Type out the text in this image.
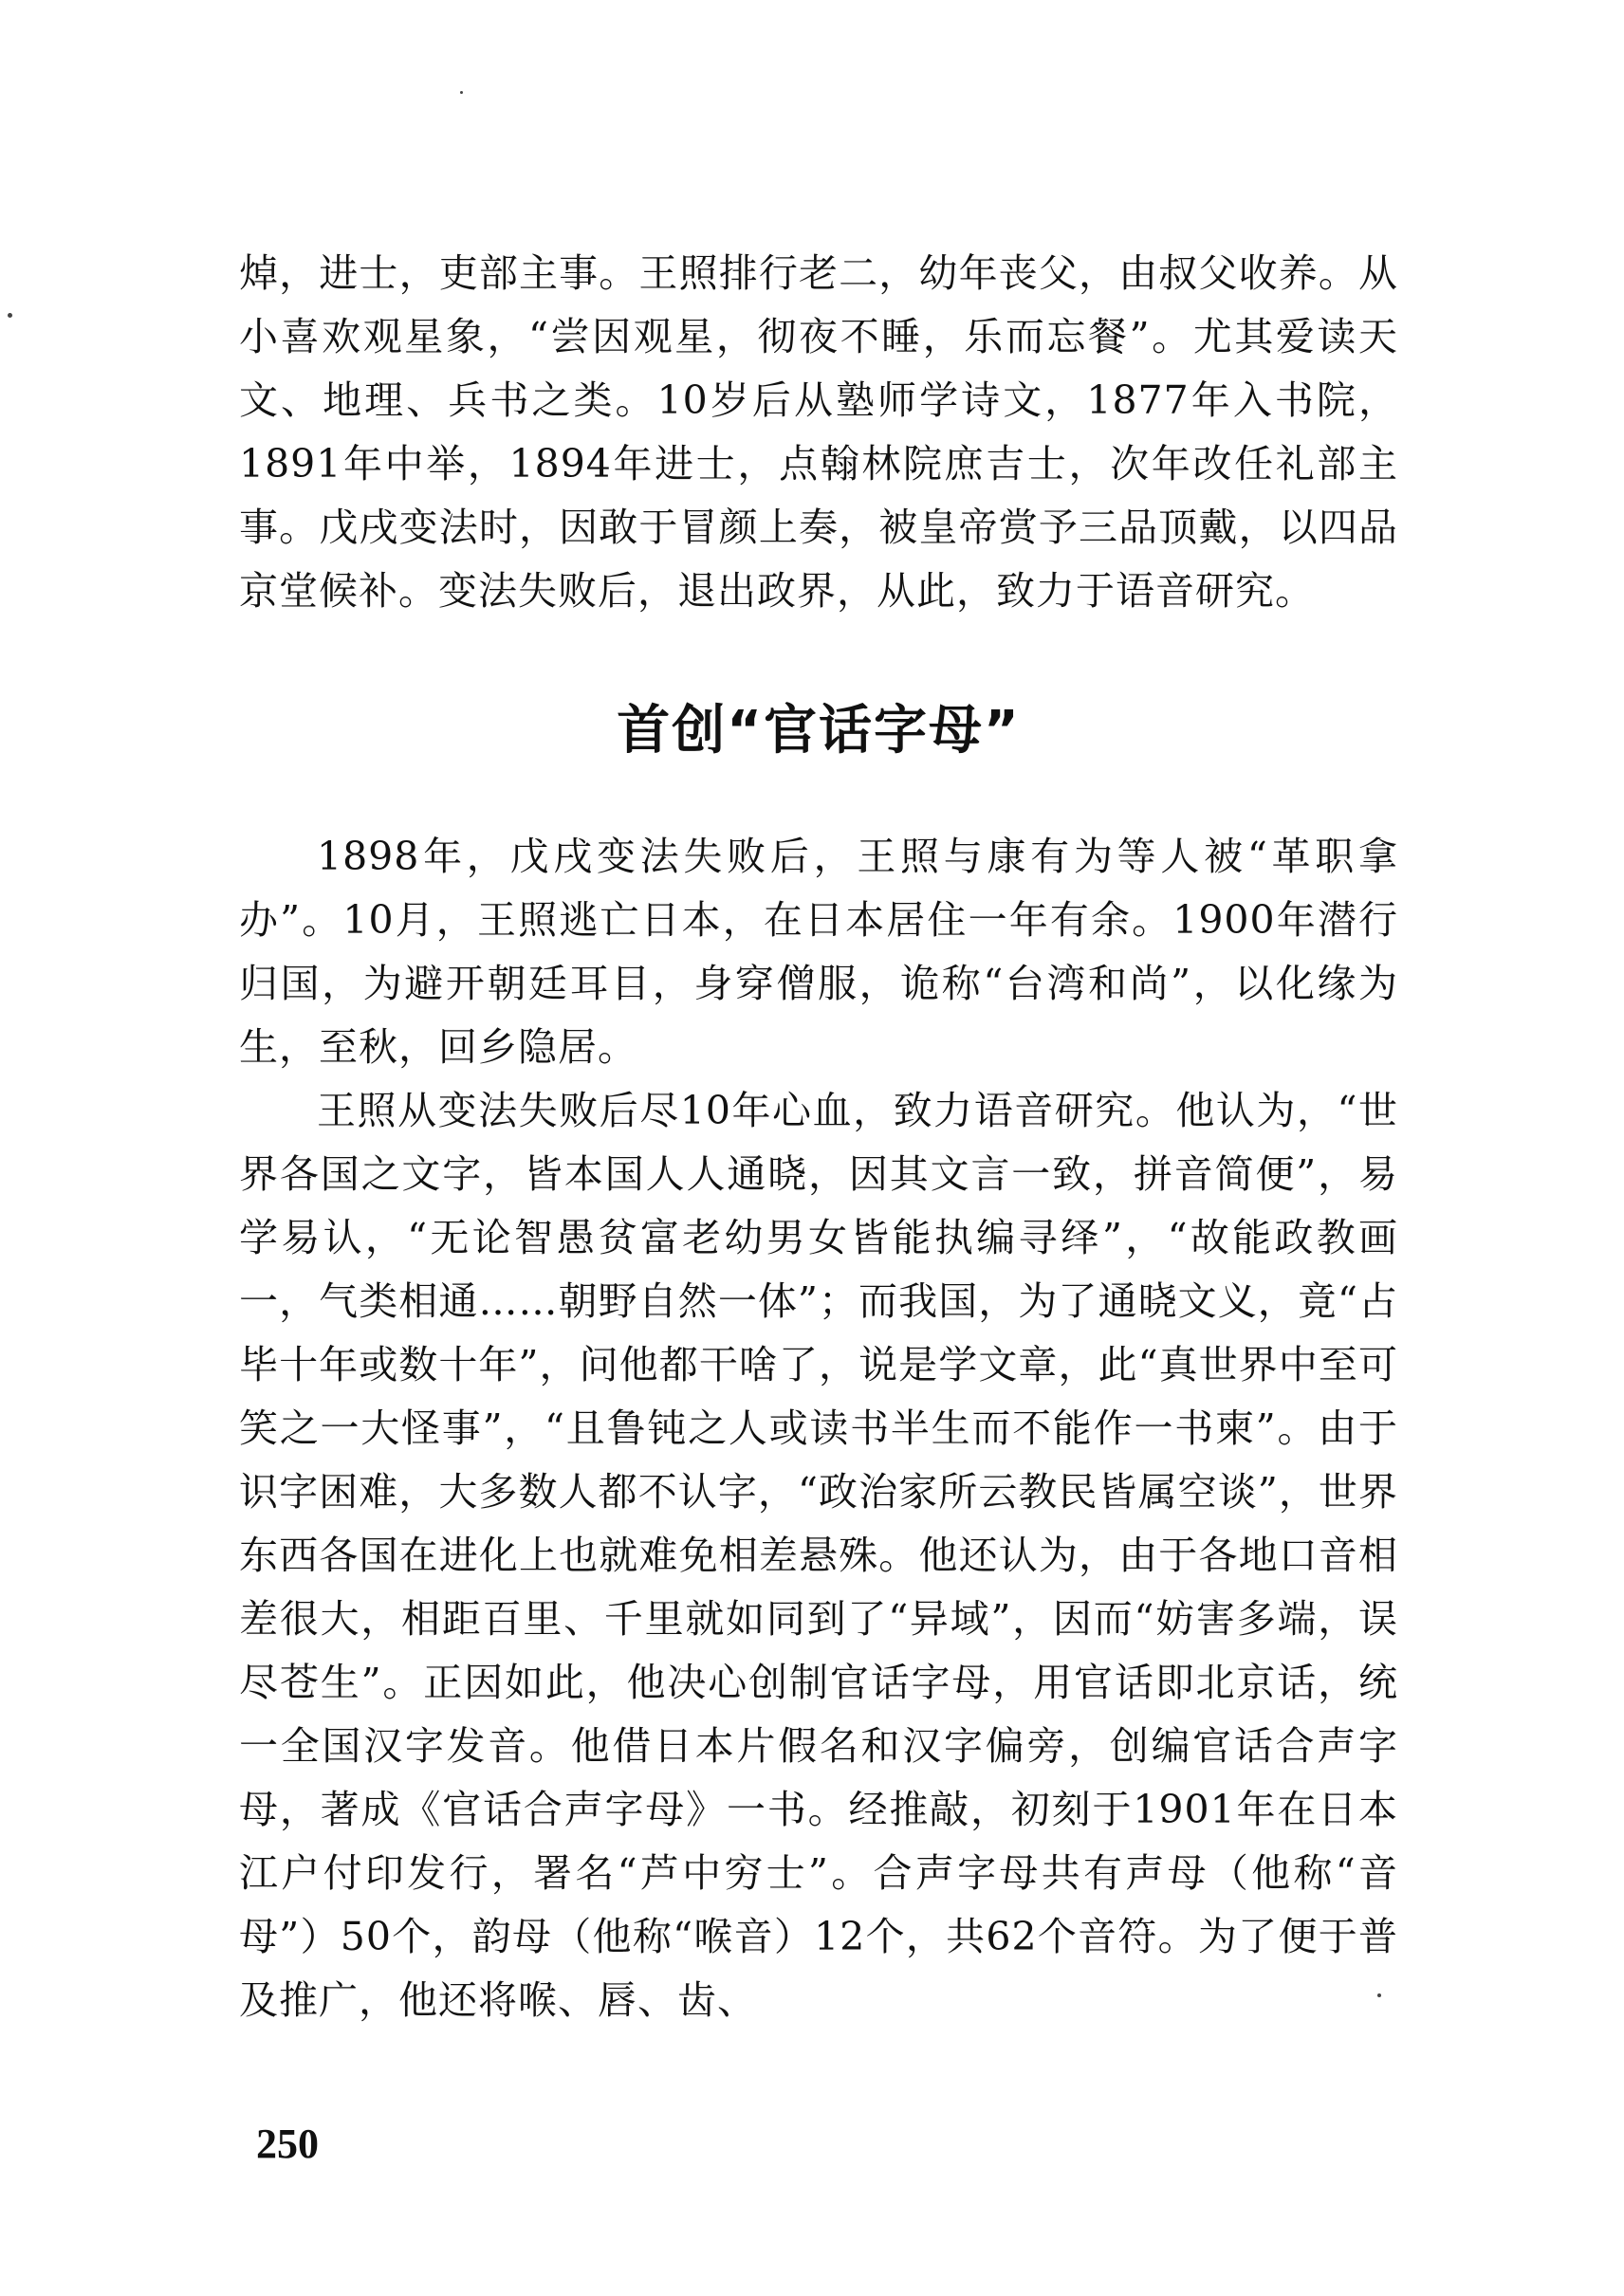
焯，进士，吏部主事。王照排行老二，幼年丧父，由叔父收养。从小喜欢观星象，“尝因观星，彻夜不睡，乐而忘餐”。尤其爱读天文、地理、兵书之类。10岁后从塾师学诗文，1877年入书院，1891年中举，1894年进士，点翰林院庶吉士，次年改任礼部主事。戊戌变法时，因敢于冒颜上奏，被皇帝赏予三品顶戴，以四品京堂候补。变法失败后，退出政界，从此，致力于语音研究。

首创“官话字母”

1898年，戊戌变法失败后，王照与康有为等人被“革职拿办”。10月，王照逃亡日本，在日本居住一年有余。1900年潜行归国，为避开朝廷耳目，身穿僧服，诡称“台湾和尚”，以化缘为生，至秋，回乡隐居。

王照从变法失败后尽10年心血，致力语音研究。他认为，“世界各国之文字，皆本国人人通晓，因其文言一致，拼音简便”，易学易认，“无论智愚贫富老幼男女皆能执编寻绎”，“故能政教画一，气类相通……朝野自然一体”；而我国，为了通晓文义，竟“占毕十年或数十年”，问他都干啥了，说是学文章，此“真世界中至可笑之一大怪事”，“且鲁钝之人或读书半生而不能作一书柬”。由于识字困难，大多数人都不认字，“政治家所云教民皆属空谈”，世界东西各国在进化上也就难免相差悬殊。他还认为，由于各地口音相差很大，相距百里、千里就如同到了“异域”，因而“妨害多端，误尽苍生”。正因如此，他决心创制官话字母，用官话即北京话，统一全国汉字发音。他借日本片假名和汉字偏旁，创编官话合声字母，著成《官话合声字母》一书。经推敲，初刻于1901年在日本江户付印发行，署名“芦中穷士”。合声字母共有声母（他称“音母”）50个，韵母（他称“喉音）12个，共62个音符。为了便于普及推广，他还将喉、唇、齿、

250
